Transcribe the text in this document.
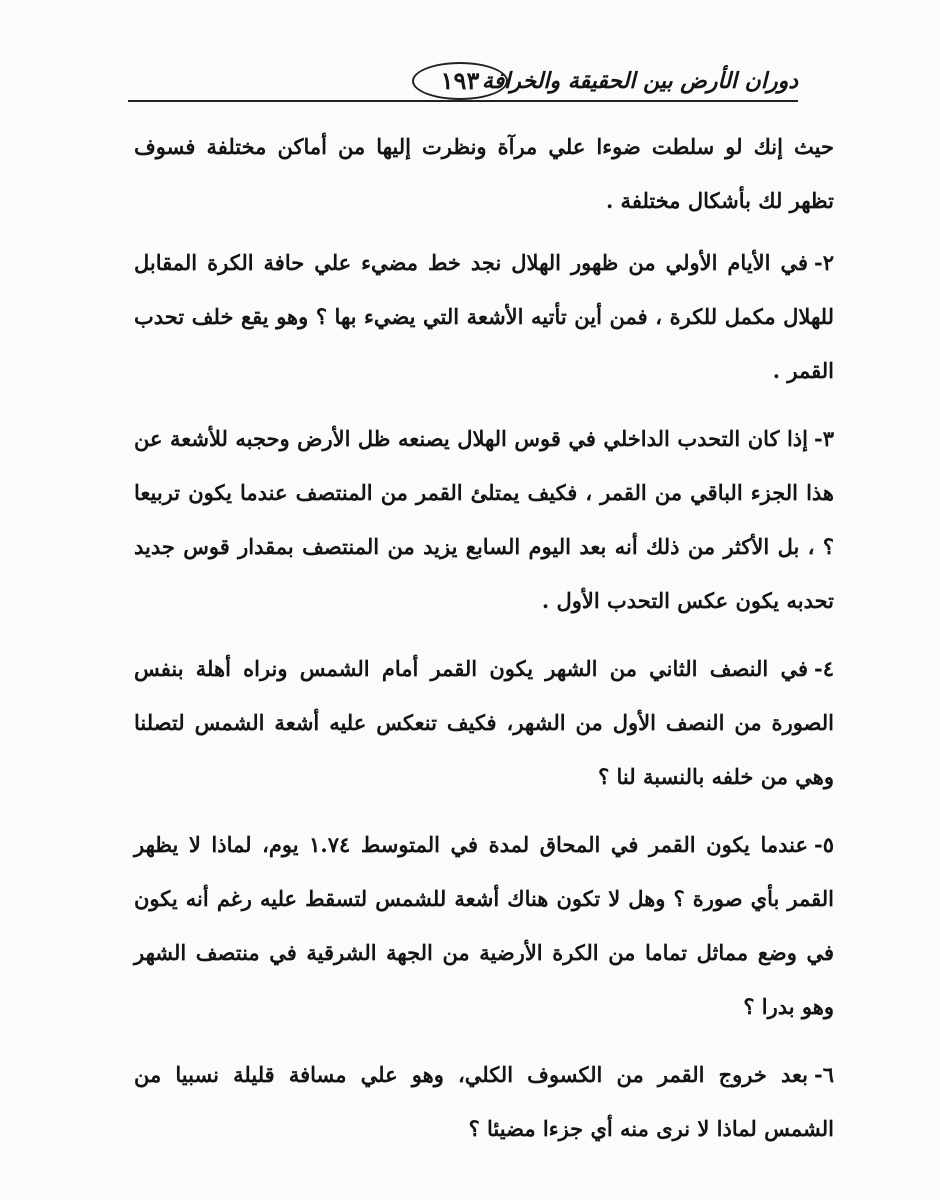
دوران الأرض بين الحقيقة والخرافة
١٩٣

حيث إنك لو سلطت ضوءا علي مرآة ونظرت إليها من أماكن مختلفة فسوف تظهر لك بأشكال مختلفة .

٢-في الأيام الأولي من ظهور الهلال نجد خط مضيء علي حافة الكرة المقابل للهلال مكمل للكرة ، فمن أين تأتيه الأشعة التي يضيء بها ؟ وهو يقع خلف تحدب القمر .

٣-إذا كان التحدب الداخلي في قوس الهلال يصنعه ظل الأرض وحجبه للأشعة عن هذا الجزء الباقي من القمر ، فكيف يمتلئ القمر من المنتصف عندما يكون تربيعا ؟ ، بل الأكثر من ذلك أنه بعد اليوم السابع يزيد من المنتصف بمقدار قوس جديد تحدبه يكون عكس التحدب الأول .

٤-في النصف الثاني من الشهر يكون القمر أمام الشمس ونراه أهلة بنفس الصورة من النصف الأول من الشهر، فكيف تنعكس عليه أشعة الشمس لتصلنا وهي من خلفه بالنسبة لنا ؟

٥-عندما يكون القمر في المحاق لمدة في المتوسط ١.٧٤ يوم، لماذا لا يظهر القمر بأي صورة ؟ وهل لا تكون هناك أشعة للشمس لتسقط عليه رغم أنه يكون في وضع مماثل تماما من الكرة الأرضية من الجهة الشرقية في منتصف الشهر وهو بدرا ؟

٦-بعد خروج القمر من الكسوف الكلي، وهو علي مسافة قليلة نسبيا من الشمس لماذا لا نرى منه أي جزءا مضيئا ؟
